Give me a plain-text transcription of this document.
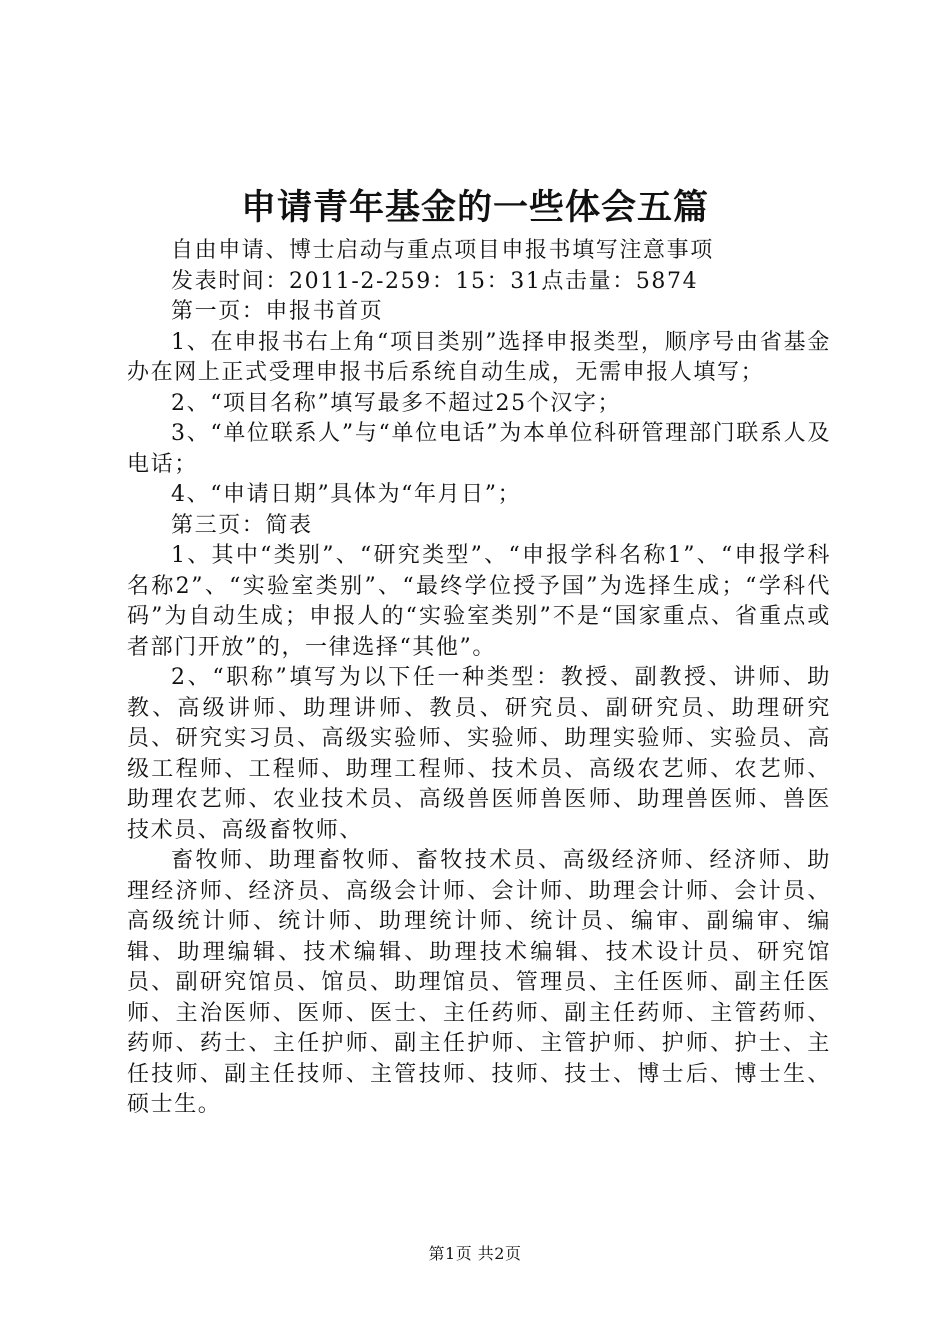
申请青年基金的一些体会五篇

自由申请、博士启动与重点项目申报书填写注意事项

发表时间：2011-2-259：15：31点击量：5874

第一页：申报书首页

1、在申报书右上角“项目类别”选择申报类型，顺序号由省基金办在网上正式受理申报书后系统自动生成，无需申报人填写；

2、“项目名称”填写最多不超过25个汉字；

3、“单位联系人”与“单位电话”为本单位科研管理部门联系人及电话；

4、“申请日期”具体为“年月日”；

第三页：简表

1、其中“类别”、“研究类型”、“申报学科名称1”、“申报学科名称2”、“实验室类别”、“最终学位授予国”为选择生成；“学科代码”为自动生成；申报人的“实验室类别”不是“国家重点、省重点或者部门开放”的，一律选择“其他”。

2、“职称”填写为以下任一种类型：教授、副教授、讲师、助教、高级讲师、助理讲师、教员、研究员、副研究员、助理研究员、研究实习员、高级实验师、实验师、助理实验师、实验员、高级工程师、工程师、助理工程师、技术员、高级农艺师、农艺师、助理农艺师、农业技术员、高级兽医师兽医师、助理兽医师、兽医技术员、高级畜牧师、

畜牧师、助理畜牧师、畜牧技术员、高级经济师、经济师、助理经济师、经济员、高级会计师、会计师、助理会计师、会计员、高级统计师、统计师、助理统计师、统计员、编审、副编审、编辑、助理编辑、技术编辑、助理技术编辑、技术设计员、研究馆员、副研究馆员、馆员、助理馆员、管理员、主任医师、副主任医师、主治医师、医师、医士、主任药师、副主任药师、主管药师、药师、药士、主任护师、副主任护师、主管护师、护师、护士、主任技师、副主任技师、主管技师、技师、技士、博士后、博士生、硕士生。

第1页 共2页
